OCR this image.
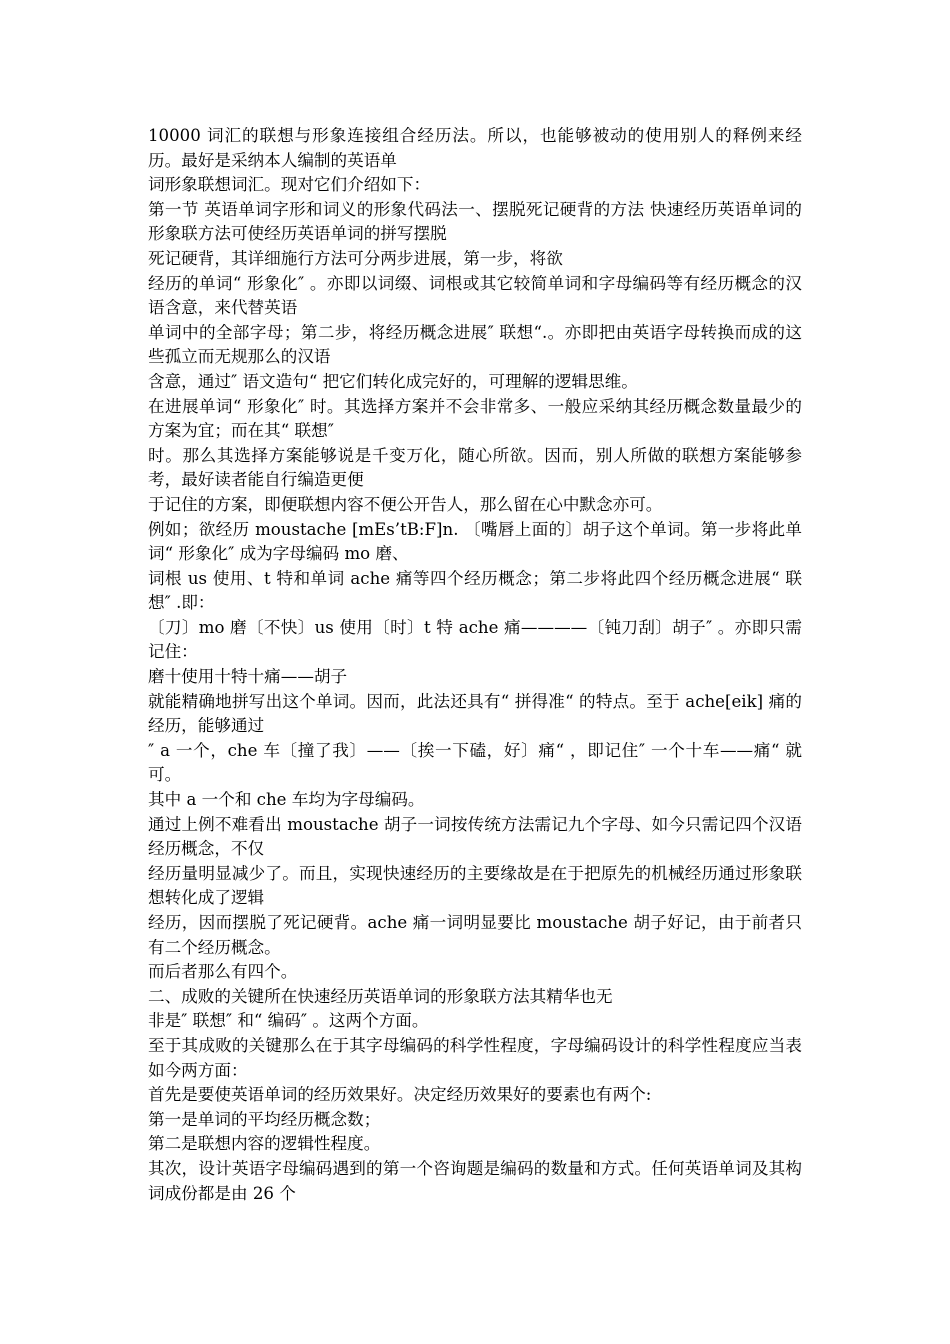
10000 词汇的联想与形象连接组合经历法。所以，也能够被动的使用别人的释例来经历。最好是采纳本人编制的英语单

词形象联想词汇。现对它们介绍如下：

第一节 英语单词字形和词义的形象代码法一、摆脱死记硬背的方法 快速经历英语单词的形象联方法可使经历英语单词的拼写摆脱

死记硬背，其详细施行方法可分两步进展，第一步，将欲

经历的单词“ 形象化″ 。亦即以词缀、词根或其它较简单词和字母编码等有经历概念的汉语含意，来代替英语

单词中的全部字母；第二步，将经历概念进展″ 联想“.。亦即把由英语字母转换而成的这些孤立而无规那么的汉语

含意，通过″ 语文造句“ 把它们转化成完好的，可理解的逻辑思维。

在进展单词“ 形象化″ 时。其选择方案并不会非常多、一般应采纳其经历概念数量最少的方案为宜；而在其“ 联想″

时。那么其选择方案能够说是千变万化，随心所欲。因而，别人所做的联想方案能够参考，最好读者能自行编造更便

于记住的方案，即便联想内容不便公开告人，那么留在心中默念亦可。

例如；欲经历 moustache [mEs’tB:F]n. 〔嘴唇上面的〕胡子这个单词。第一步将此单词“ 形象化″ 成为字母编码 mo 磨、

词根 us 使用、t 特和单词 ache 痛等四个经历概念；第二步将此四个经历概念进展“ 联想″ .即：

〔刀〕mo 磨〔不快〕us 使用〔时〕t 特 ache 痛————〔钝刀刮〕胡子″ 。亦即只需记住：

磨十使用十特十痛——胡子

就能精确地拼写出这个单词。因而，此法还具有“ 拼得准“ 的特点。至于 ache[eik] 痛的经历，能够通过

″ a 一个，che 车〔撞了我〕——〔挨一下磕，好〕痛“ ，即记住″ 一个十车——痛“ 就可。

其中 a 一个和 che 车均为字母编码。

通过上例不难看出 moustache 胡子一词按传统方法需记九个字母、如今只需记四个汉语经历概念，不仅

经历量明显减少了。而且，实现快速经历的主要缘故是在于把原先的机械经历通过形象联想转化成了逻辑

经历，因而摆脱了死记硬背。ache 痛一词明显要比 moustache 胡子好记，由于前者只有二个经历概念。

而后者那么有四个。

二、成败的关键所在快速经历英语单词的形象联方法其精华也无

非是″ 联想″ 和“ 编码″ 。这两个方面。

至于其成败的关键那么在于其字母编码的科学性程度，字母编码设计的科学性程度应当表如今两方面：

首先是要使英语单词的经历效果好。决定经历效果好的要素也有两个:

第一是单词的平均经历概念数；

第二是联想内容的逻辑性程度。

其次，设计英语字母编码遇到的第一个咨询题是编码的数量和方式。任何英语单词及其构词成份都是由 26 个
